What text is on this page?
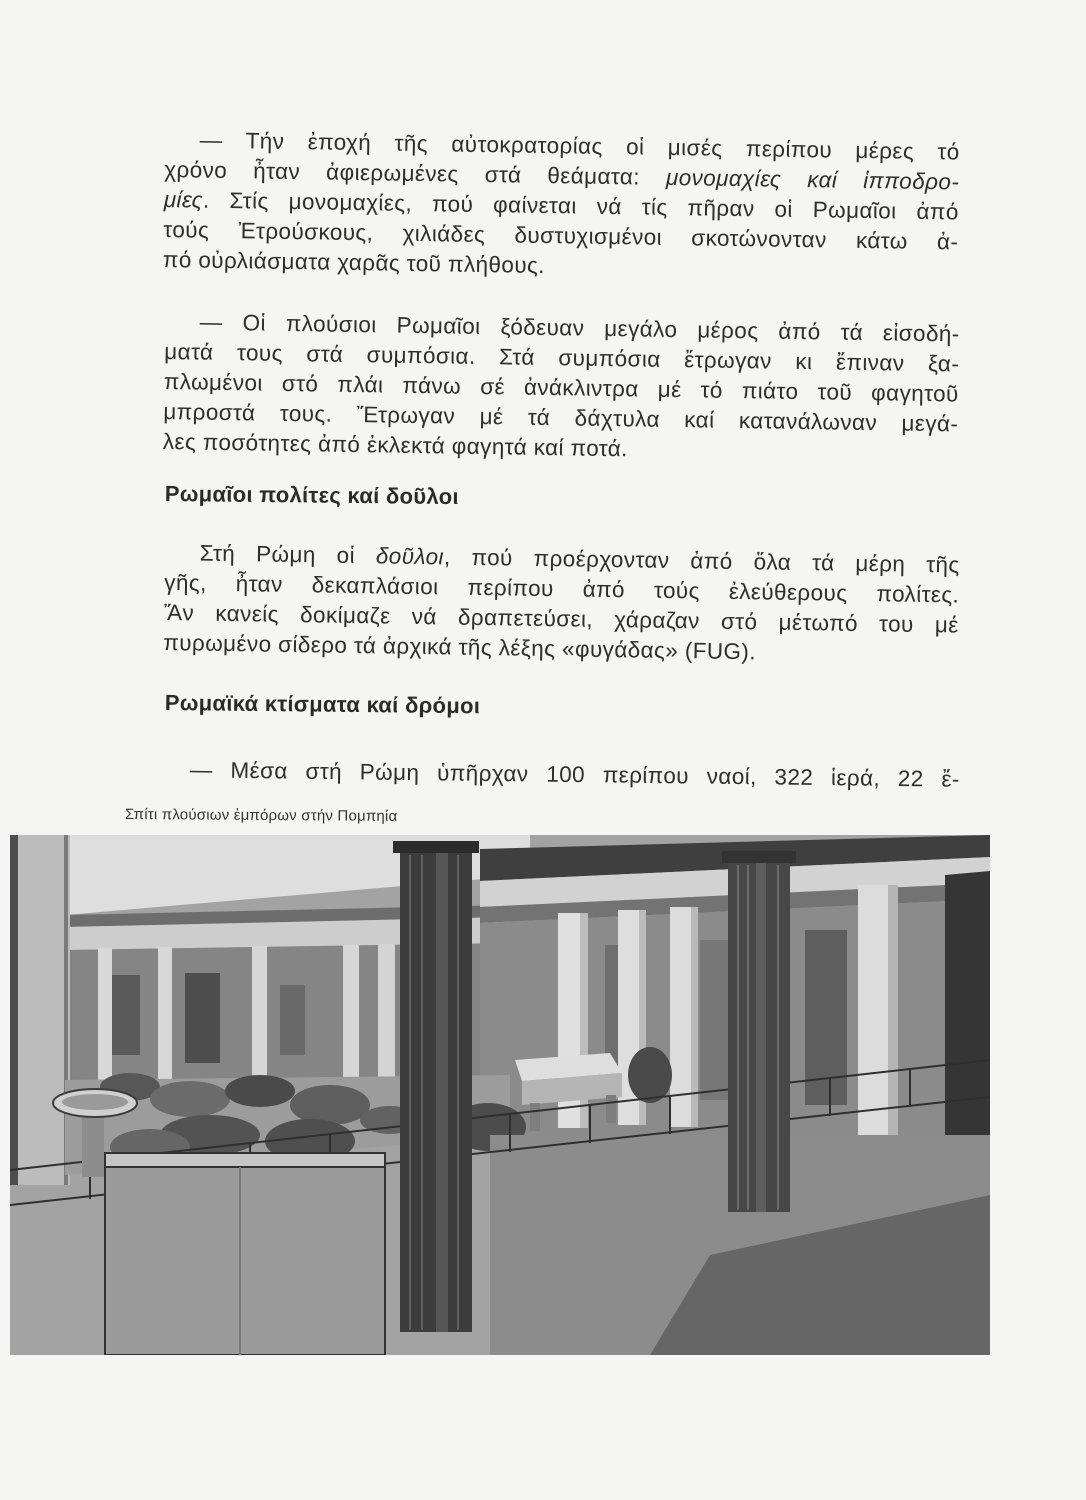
— Τήν ἐποχή τῆς αὐτοκρατορίας οἱ μισές περίπου μέρες τό
χρόνο ἦταν ἀφιερωμένες στά θεάματα: μονομαχίες καί ἱπποδρο-
μίες. Στίς μονομαχίες, πού φαίνεται νά τίς πῆραν οἱ Ρωμαῖοι ἀπό
τούς Ἐτρούσκους, χιλιάδες δυστυχισμένοι σκοτώνονταν κάτω ἀ-
πό οὐρλιάσματα χαρᾶς τοῦ πλήθους.
— Οἱ πλούσιοι Ρωμαῖοι ξόδευαν μεγάλο μέρος ἀπό τά εἰσοδή-
ματά τους στά συμπόσια. Στά συμπόσια ἔτρωγαν κι ἔπιναν ξα-
πλωμένοι στό πλάι πάνω σέ ἀνάκλιντρα μέ τό πιάτο τοῦ φαγητοῦ
μπροστά τους. Ἔτρωγαν μέ τά δάχτυλα καί κατανάλωναν μεγά-
λες ποσότητες ἀπό ἐκλεκτά φαγητά καί ποτά.
Ρωμαῖοι πολίτες καί δοῦλοι
Στή Ρώμη οἱ δοῦλοι, πού προέρχονταν ἀπό ὅλα τά μέρη τῆς
γῆς, ἦταν δεκαπλάσιοι περίπου ἀπό τούς ἐλεύθερους πολίτες.
Ἄν κανείς δοκίμαζε νά δραπετεύσει, χάραζαν στό μέτωπό του μέ
πυρωμένο σίδερο τά ἀρχικά τῆς λέξης «φυγάδας» (FUG).
Ρωμαϊκά κτίσματα καί δρόμοι
— Μέσα στή Ρώμη ὑπῆρχαν 100 περίπου ναοί, 322 ἱερά, 22 ἔ-
Σπίτι πλούσιων ἐμπόρων στήν Πομπηία
